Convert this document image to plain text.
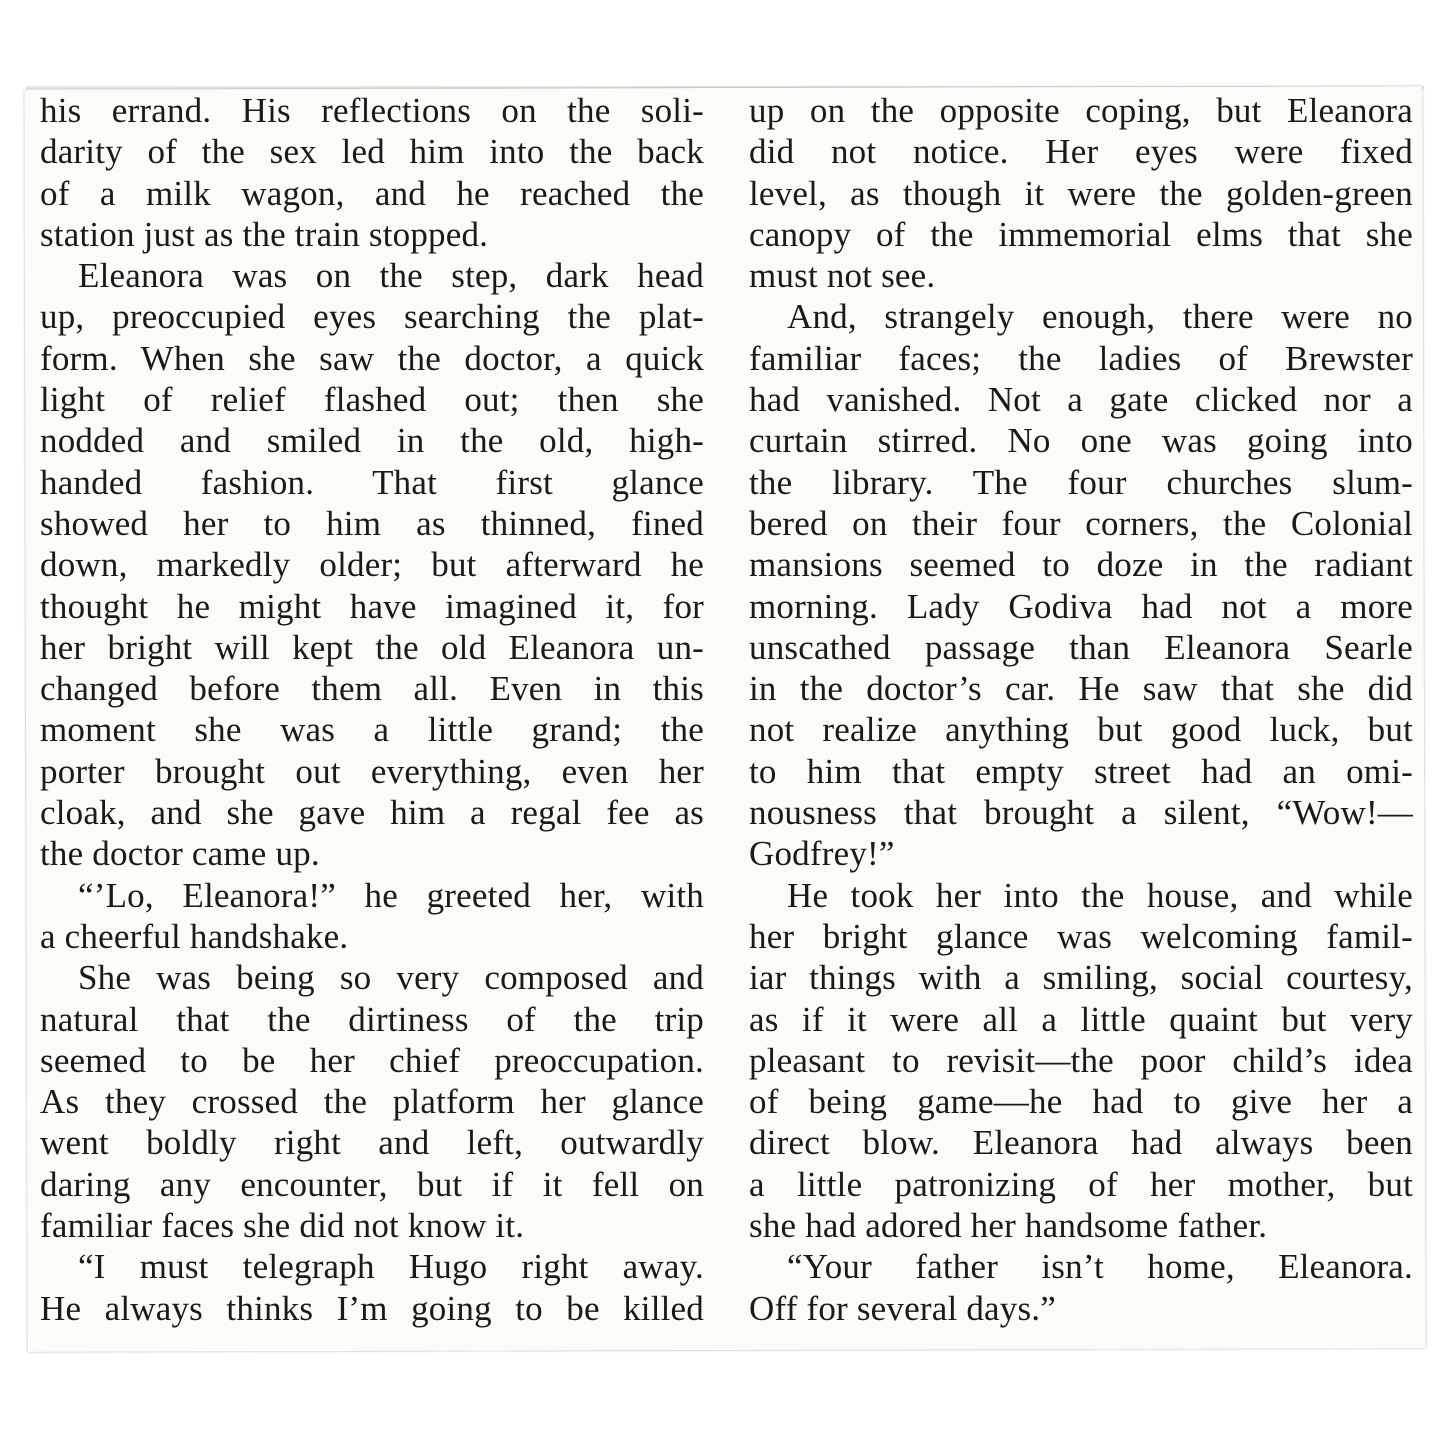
his errand. His reflections on the soli-
darity of the sex led him into the back
of a milk wagon, and he reached the
station just as the train stopped.
Eleanora was on the step, dark head
up, preoccupied eyes searching the plat-
form. When she saw the doctor, a quick
light of relief flashed out; then she
nodded and smiled in the old, high-
handed fashion. That first glance
showed her to him as thinned, fined
down, markedly older; but afterward he
thought he might have imagined it, for
her bright will kept the old Eleanora un-
changed before them all. Even in this
moment she was a little grand; the
porter brought out everything, even her
cloak, and she gave him a regal fee as
the doctor came up.
“’Lo, Eleanora!” he greeted her, with
a cheerful handshake.
She was being so very composed and
natural that the dirtiness of the trip
seemed to be her chief preoccupation.
As they crossed the platform her glance
went boldly right and left, outwardly
daring any encounter, but if it fell on
familiar faces she did not know it.
“I must telegraph Hugo right away.
He always thinks I’m going to be killed
up on the opposite coping, but Eleanora
did not notice. Her eyes were fixed
level, as though it were the golden-green
canopy of the immemorial elms that she
must not see.
And, strangely enough, there were no
familiar faces; the ladies of Brewster
had vanished. Not a gate clicked nor a
curtain stirred. No one was going into
the library. The four churches slum-
bered on their four corners, the Colonial
mansions seemed to doze in the radiant
morning. Lady Godiva had not a more
unscathed passage than Eleanora Searle
in the doctor’s car. He saw that she did
not realize anything but good luck, but
to him that empty street had an omi-
nousness that brought a silent, “Wow!—
Godfrey!”
He took her into the house, and while
her bright glance was welcoming famil-
iar things with a smiling, social courtesy,
as if it were all a little quaint but very
pleasant to revisit—the poor child’s idea
of being game—he had to give her a
direct blow. Eleanora had always been
a little patronizing of her mother, but
she had adored her handsome father.
“Your father isn’t home, Eleanora.
Off for several days.”
